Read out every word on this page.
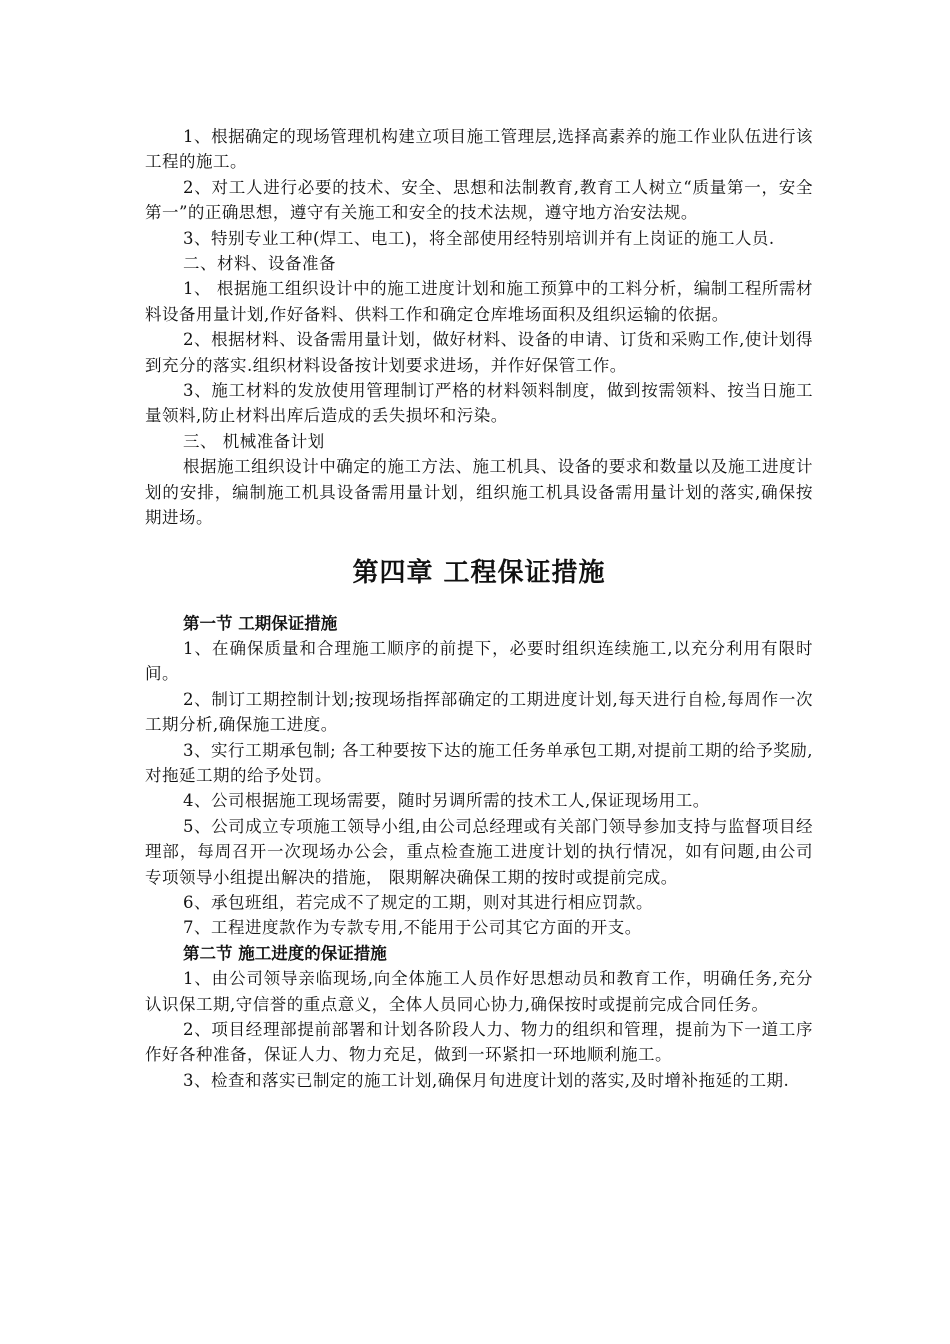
1、根据确定的现场管理机构建立项目施工管理层,选择高素养的施工作业队伍进行该工程的施工。

2、对工人进行必要的技术、安全、思想和法制教育,教育工人树立“质量第一，安全第一”的正确思想，遵守有关施工和安全的技术法规，遵守地方治安法规。

3、特别专业工种(焊工、电工)，将全部使用经特别培训并有上岗证的施工人员.

二、材料、设备准备

1、 根据施工组织设计中的施工进度计划和施工预算中的工料分析，编制工程所需材料设备用量计划,作好备料、供料工作和确定仓库堆场面积及组织运输的依据。

2、根据材料、设备需用量计划，做好材料、设备的申请、订货和采购工作,使计划得到充分的落实.组织材料设备按计划要求进场，并作好保管工作。

3、施工材料的发放使用管理制订严格的材料领料制度，做到按需领料、按当日施工量领料,防止材料出库后造成的丢失损坏和污染。

三、 机械准备计划

根据施工组织设计中确定的施工方法、施工机具、设备的要求和数量以及施工进度计划的安排，编制施工机具设备需用量计划，组织施工机具设备需用量计划的落实,确保按期进场。

第四章 工程保证措施
第一节 工期保证措施

1、在确保质量和合理施工顺序的前提下，必要时组织连续施工,以充分利用有限时间。

2、制订工期控制计划;按现场指挥部确定的工期进度计划,每天进行自检,每周作一次工期分析,确保施工进度。

3、实行工期承包制; 各工种要按下达的施工任务单承包工期,对提前工期的给予奖励,对拖延工期的给予处罚。

4、公司根据施工现场需要，随时另调所需的技术工人,保证现场用工。

5、公司成立专项施工领导小组,由公司总经理或有关部门领导参加支持与监督项目经理部，每周召开一次现场办公会，重点检查施工进度计划的执行情况，如有问题,由公司专项领导小组提出解决的措施， 限期解决确保工期的按时或提前完成。

6、承包班组，若完成不了规定的工期，则对其进行相应罚款。

7、工程进度款作为专款专用,不能用于公司其它方面的开支。

第二节 施工进度的保证措施

1、由公司领导亲临现场,向全体施工人员作好思想动员和教育工作，明确任务,充分认识保工期,守信誉的重点意义，全体人员同心协力,确保按时或提前完成合同任务。

2、项目经理部提前部署和计划各阶段人力、物力的组织和管理，提前为下一道工序作好各种准备，保证人力、物力充足，做到一环紧扣一环地顺利施工。

3、检查和落实已制定的施工计划,确保月旬进度计划的落实,及时增补拖延的工期.
